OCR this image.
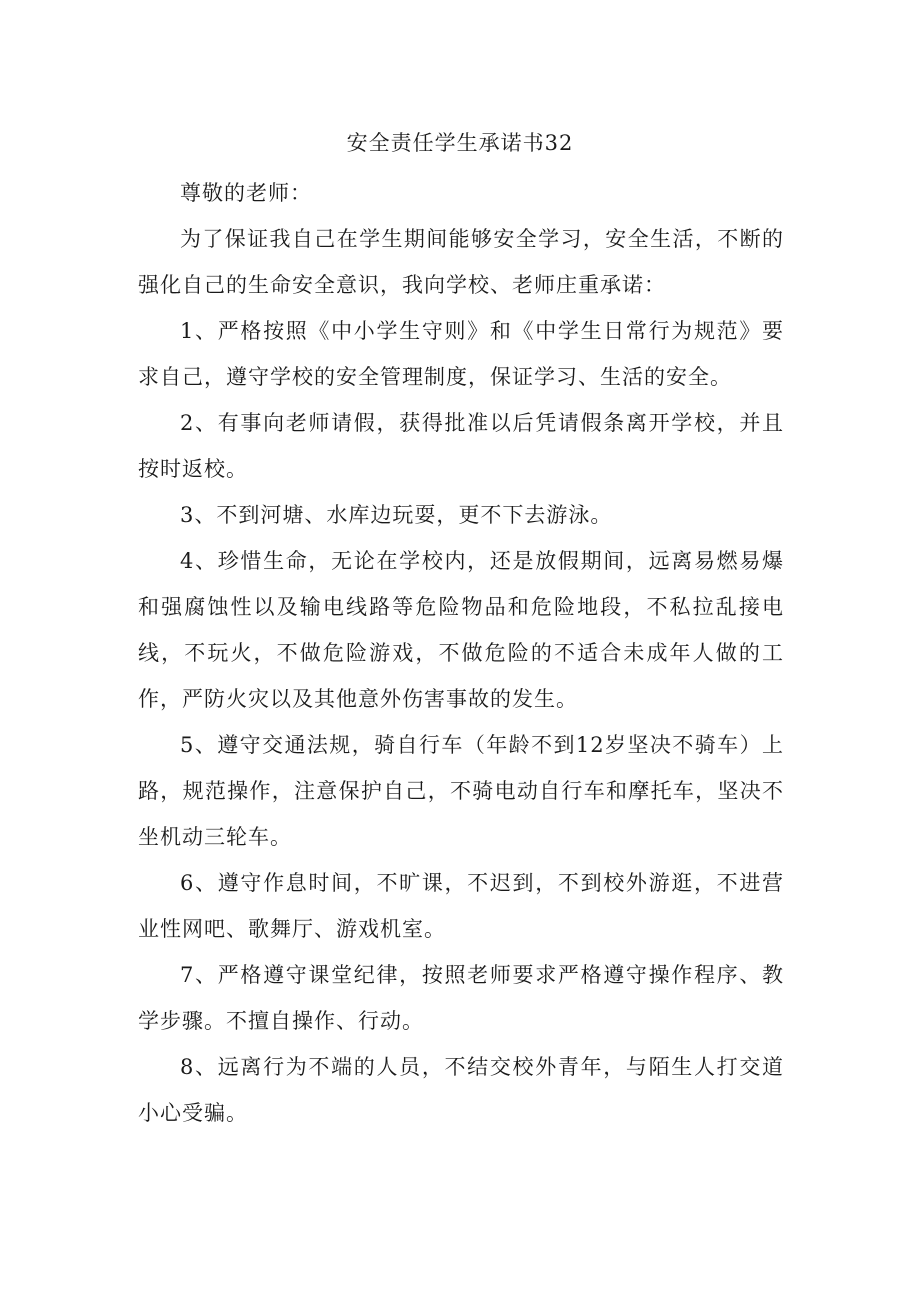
安全责任学生承诺书32

尊敬的老师：

为了保证我自己在学生期间能够安全学习，安全生活，不断的强化自己的生命安全意识，我向学校、老师庄重承诺：

1、严格按照《中小学生守则》和《中学生日常行为规范》要求自己，遵守学校的安全管理制度，保证学习、生活的安全。

2、有事向老师请假，获得批准以后凭请假条离开学校，并且按时返校。

3、不到河塘、水库边玩耍，更不下去游泳。

4、珍惜生命，无论在学校内，还是放假期间，远离易燃易爆和强腐蚀性以及输电线路等危险物品和危险地段，不私拉乱接电线，不玩火，不做危险游戏，不做危险的不适合未成年人做的工作，严防火灾以及其他意外伤害事故的发生。

5、遵守交通法规，骑自行车（年龄不到12岁坚决不骑车）上路，规范操作，注意保护自己，不骑电动自行车和摩托车，坚决不坐机动三轮车。

6、遵守作息时间，不旷课，不迟到，不到校外游逛，不进营业性网吧、歌舞厅、游戏机室。

7、严格遵守课堂纪律，按照老师要求严格遵守操作程序、教学步骤。不擅自操作、行动。

8、远离行为不端的人员，不结交校外青年，与陌生人打交道小心受骗。
